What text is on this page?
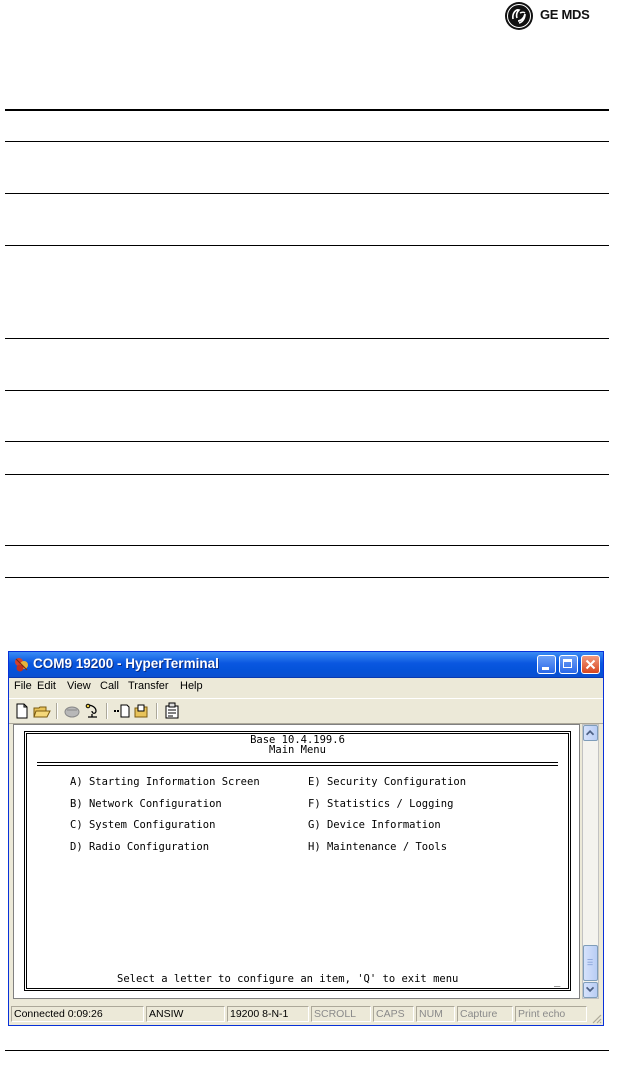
GE MDS
COM9 19200 - HyperTerminal
File Edit View Call Transfer Help
Base 10.4.199.6
Main Menu
A) Starting Information Screen
B) Network Configuration
C) System Configuration
D) Radio Configuration
E) Security Configuration
F) Statistics / Logging
G) Device Information
H) Maintenance / Tools
Select a letter to configure an item, 'Q' to exit menu	_
Connected 0:09:26	ANSIW	19200 8-N-1	SCROLL	CAPS	NUM	Capture	Print echo
